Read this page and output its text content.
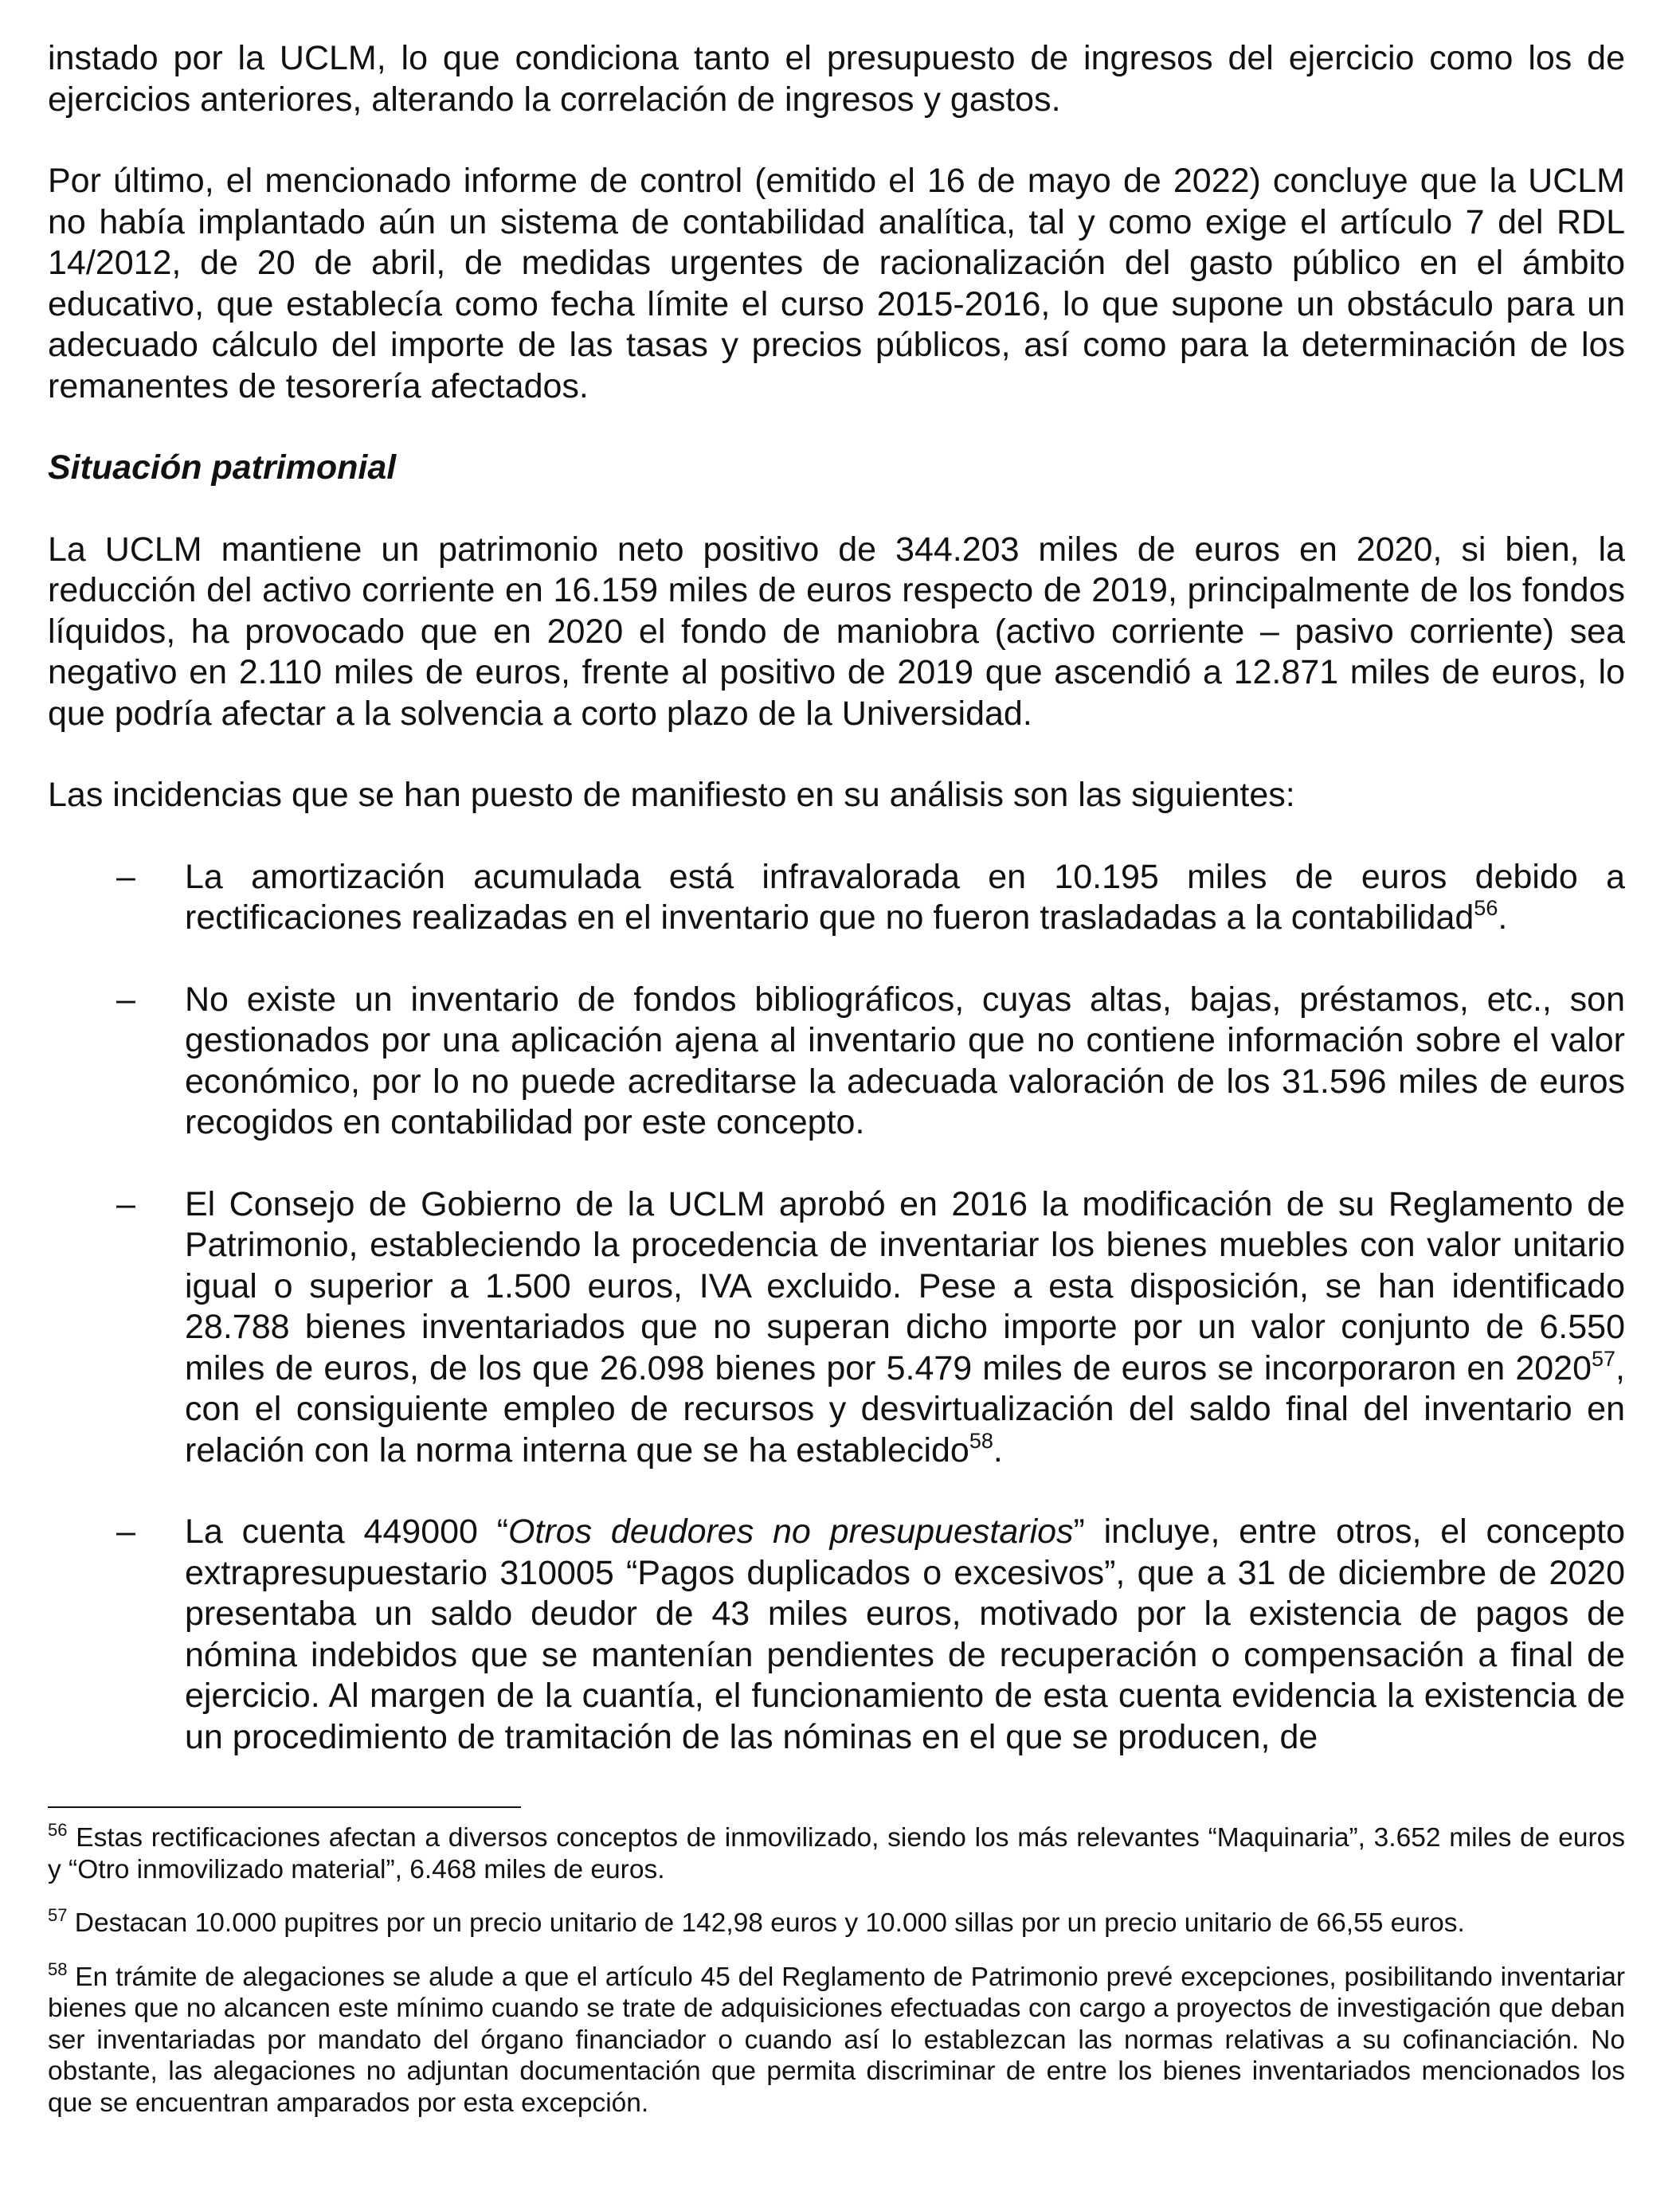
instado por la UCLM, lo que condiciona tanto el presupuesto de ingresos del ejercicio como los de ejercicios anteriores, alterando la correlación de ingresos y gastos.

Por último, el mencionado informe de control (emitido el 16 de mayo de 2022) concluye que la UCLM no había implantado aún un sistema de contabilidad analítica, tal y como exige el artículo 7 del RDL 14/2012, de 20 de abril, de medidas urgentes de racionalización del gasto público en el ámbito educativo, que establecía como fecha límite el curso 2015-2016, lo que supone un obstáculo para un adecuado cálculo del importe de las tasas y precios públicos, así como para la determinación de los remanentes de tesorería afectados.

Situación patrimonial

La UCLM mantiene un patrimonio neto positivo de 344.203 miles de euros en 2020, si bien, la reducción del activo corriente en 16.159 miles de euros respecto de 2019, principalmente de los fondos líquidos, ha provocado que en 2020 el fondo de maniobra (activo corriente – pasivo corriente) sea negativo en 2.110 miles de euros, frente al positivo de 2019 que ascendió a 12.871 miles de euros, lo que podría afectar a la solvencia a corto plazo de la Universidad.

Las incidencias que se han puesto de manifiesto en su análisis son las siguientes:

– La amortización acumulada está infravalorada en 10.195 miles de euros debido a rectificaciones realizadas en el inventario que no fueron trasladadas a la contabilidad$^{56}$.
– No existe un inventario de fondos bibliográficos, cuyas altas, bajas, préstamos, etc., son gestionados por una aplicación ajena al inventario que no contiene información sobre el valor económico, por lo no puede acreditarse la adecuada valoración de los 31.596 miles de euros recogidos en contabilidad por este concepto.
– El Consejo de Gobierno de la UCLM aprobó en 2016 la modificación de su Reglamento de Patrimonio, estableciendo la procedencia de inventariar los bienes muebles con valor unitario igual o superior a 1.500 euros, IVA excluido. Pese a esta disposición, se han identificado 28.788 bienes inventariados que no superan dicho importe por un valor conjunto de 6.550 miles de euros, de los que 26.098 bienes por 5.479 miles de euros se incorporaron en 2020$^{57}$, con el consiguiente empleo de recursos y desvirtualización del saldo final del inventario en relación con la norma interna que se ha establecido$^{58}$.
– La cuenta 449000 “Otros deudores no presupuestarios” incluye, entre otros, el concepto extrapresupuestario 310005 “Pagos duplicados o excesivos”, que a 31 de diciembre de 2020 presentaba un saldo deudor de 43 miles euros, motivado por la existencia de pagos de nómina indebidos que se mantenían pendientes de recuperación o compensación a final de ejercicio. Al margen de la cuantía, el funcionamiento de esta cuenta evidencia la existencia de un procedimiento de tramitación de las nóminas en el que se producen, de

$^{56}$ Estas rectificaciones afectan a diversos conceptos de inmovilizado, siendo los más relevantes “Maquinaria”, 3.652 miles de euros y “Otro inmovilizado material”, 6.468 miles de euros.

$^{57}$ Destacan 10.000 pupitres por un precio unitario de 142,98 euros y 10.000 sillas por un precio unitario de 66,55 euros.

$^{58}$ En trámite de alegaciones se alude a que el artículo 45 del Reglamento de Patrimonio prevé excepciones, posibilitando inventariar bienes que no alcancen este mínimo cuando se trate de adquisiciones efectuadas con cargo a proyectos de investigación que deban ser inventariadas por mandato del órgano financiador o cuando así lo establezcan las normas relativas a su cofinanciación. No obstante, las alegaciones no adjuntan documentación que permita discriminar de entre los bienes inventariados mencionados los que se encuentran amparados por esta excepción.
